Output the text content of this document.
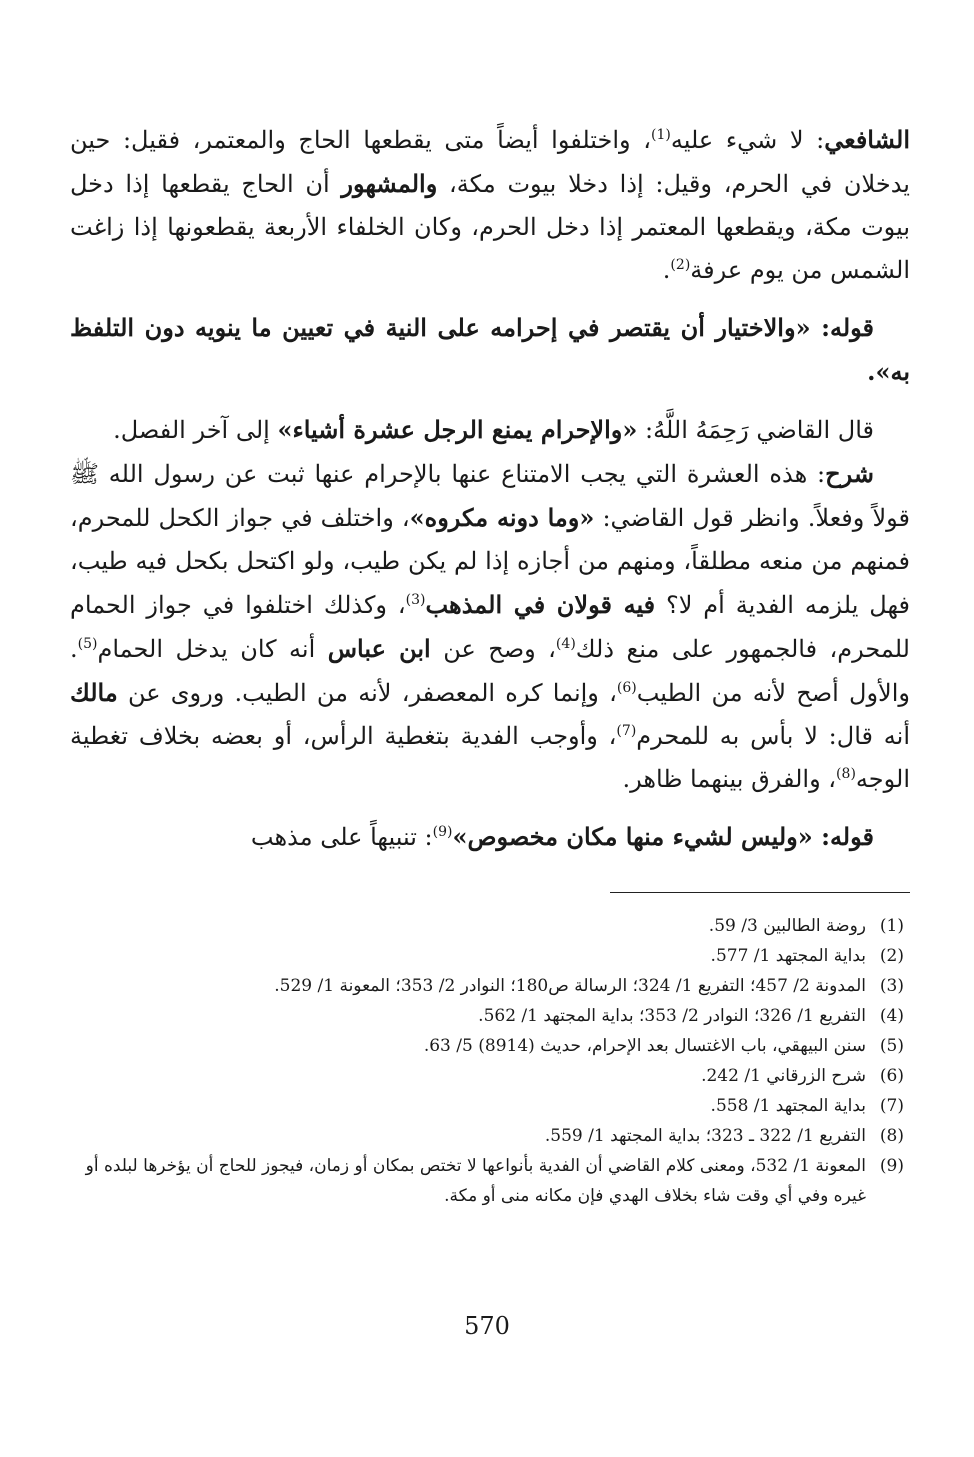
الشافعي: لا شيء عليه$^{(1)}$، واختلفوا أيضاً متى يقطعها الحاج والمعتمر، فقيل: حين يدخلان في الحرم، وقيل: إذا دخلا بيوت مكة، والمشهور أن الحاج يقطعها إذا دخل بيوت مكة، ويقطعها المعتمر إذا دخل الحرم، وكان الخلفاء الأربعة يقطعونها إذا زاغت الشمس من يوم عرفة$^{(2)}$.

قوله: «والاختيار أن يقتصر في إحرامه على النية في تعيين ما ينويه دون التلفظ به».

قال القاضي رَحِمَهُ اللَّهُ: «والإحرام يمنع الرجل عشرة أشياء» إلى آخر الفصل.

شرح: هذه العشرة التي يجب الامتناع عنها بالإحرام عنها ثبت عن رسول الله ﷺ قولاً وفعلاً. وانظر قول القاضي: «وما دونه مكروه»، واختلف في جواز الكحل للمحرم، فمنهم من منعه مطلقاً، ومنهم من أجازه إذا لم يكن طيب، ولو اكتحل بكحل فيه طيب، فهل يلزمه الفدية أم لا؟ فيه قولان في المذهب$^{(3)}$، وكذلك اختلفوا في جواز الحمام للمحرم، فالجمهور على منع ذلك$^{(4)}$، وصح عن ابن عباس أنه كان يدخل الحمام$^{(5)}$. والأول أصح لأنه من الطيب$^{(6)}$، وإنما كره المعصفر، لأنه من الطيب. وروى عن مالك أنه قال: لا بأس به للمحرم$^{(7)}$، وأوجب الفدية بتغطية الرأس، أو بعضه بخلاف تغطية الوجه$^{(8)}$، والفرق بينهما ظاهر.

قوله: «وليس لشيء منها مكان مخصوص»$^{(9)}$: تنبيهاً على مذهب

(1)
روضة الطالبين 3/ 59.
(2)
بداية المجتهد 1/ 577.
(3)
المدونة 2/ 457؛ التفريع 1/ 324؛ الرسالة ص180؛ النوادر 2/ 353؛ المعونة 1/ 529.
(4)
التفريع 1/ 326؛ النوادر 2/ 353؛ بداية المجتهد 1/ 562.
(5)
سنن البيهقي، باب الاغتسال بعد الإحرام، حديث (8914) 5/ 63.
(6)
شرح الزرقاني 1/ 242.
(7)
بداية المجتهد 1/ 558.
(8)
التفريع 1/ 322 ـ 323؛ بداية المجتهد 1/ 559.
(9)
المعونة 1/ 532، ومعنى كلام القاضي أن الفدية بأنواعها لا تختص بمكان أو زمان، فيجوز للحاج أن يؤخرها لبلده أو غيره وفي أي وقت شاء بخلاف الهدي فإن مكانه منى أو مكة.
570
